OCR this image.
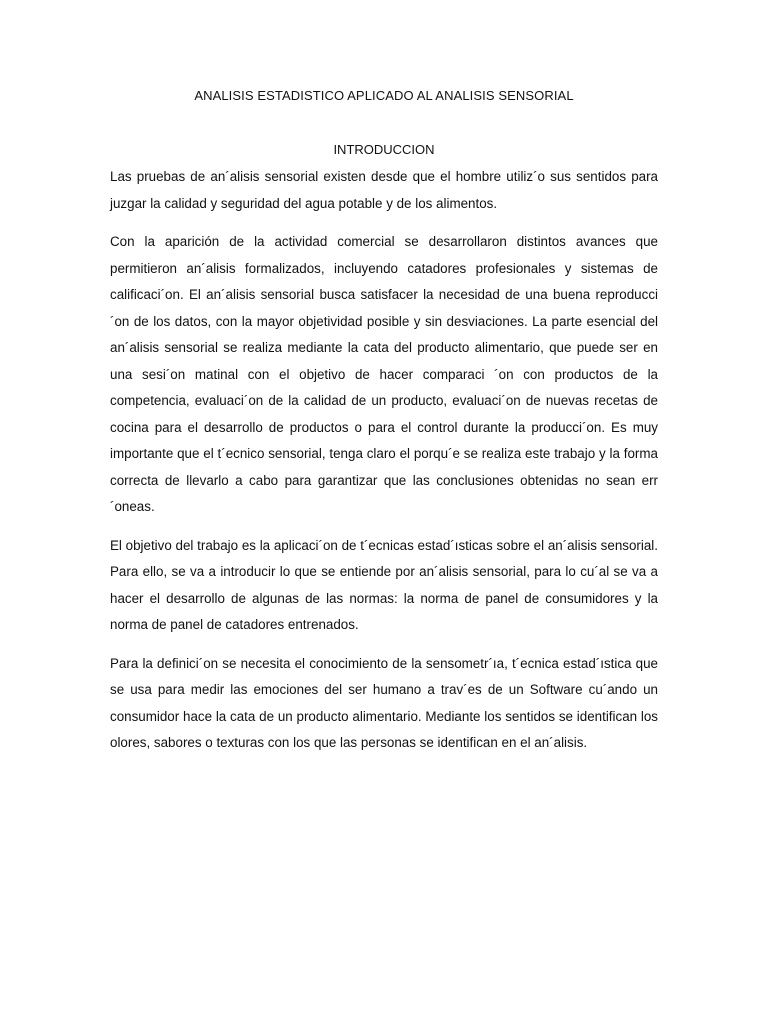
ANALISIS ESTADISTICO APLICADO AL ANALISIS SENSORIAL
INTRODUCCION

Las pruebas de an´alisis sensorial existen desde que el hombre utiliz´o sus sentidos para juzgar la calidad y seguridad del agua potable y de los alimentos.

Con la aparición de la actividad comercial se desarrollaron distintos avances que permitieron an´alisis formalizados, incluyendo catadores profesionales y sistemas de calificaci´on. El an´alisis sensorial busca satisfacer la necesidad de una buena reproducci´on de los datos, con la mayor objetividad posible y sin desviaciones. La parte esencial del an´alisis sensorial se realiza mediante la cata del producto alimentario, que puede ser en una sesi´on matinal con el objetivo de hacer comparaci ´on con productos de la competencia, evaluaci´on de la calidad de un producto, evaluaci´on de nuevas recetas de cocina para el desarrollo de productos o para el control durante la producci´on. Es muy importante que el t´ecnico sensorial, tenga claro el porqu´e se realiza este trabajo y la forma correcta de llevarlo a cabo para garantizar que las conclusiones obtenidas no sean err´oneas.

El objetivo del trabajo es la aplicaci´on de t´ecnicas estad´ısticas sobre el an´alisis sensorial. Para ello, se va a introducir lo que se entiende por an´alisis sensorial, para lo cu´al se va a hacer el desarrollo de algunas de las normas: la norma de panel de consumidores y la norma de panel de catadores entrenados.

Para la definici´on se necesita el conocimiento de la sensometr´ıa, t´ecnica estad´ıstica que se usa para medir las emociones del ser humano a trav´es de un Software cu´ando un consumidor hace la cata de un producto alimentario. Mediante los sentidos se identifican los olores, sabores o texturas con los que las personas se identifican en el an´alisis.
